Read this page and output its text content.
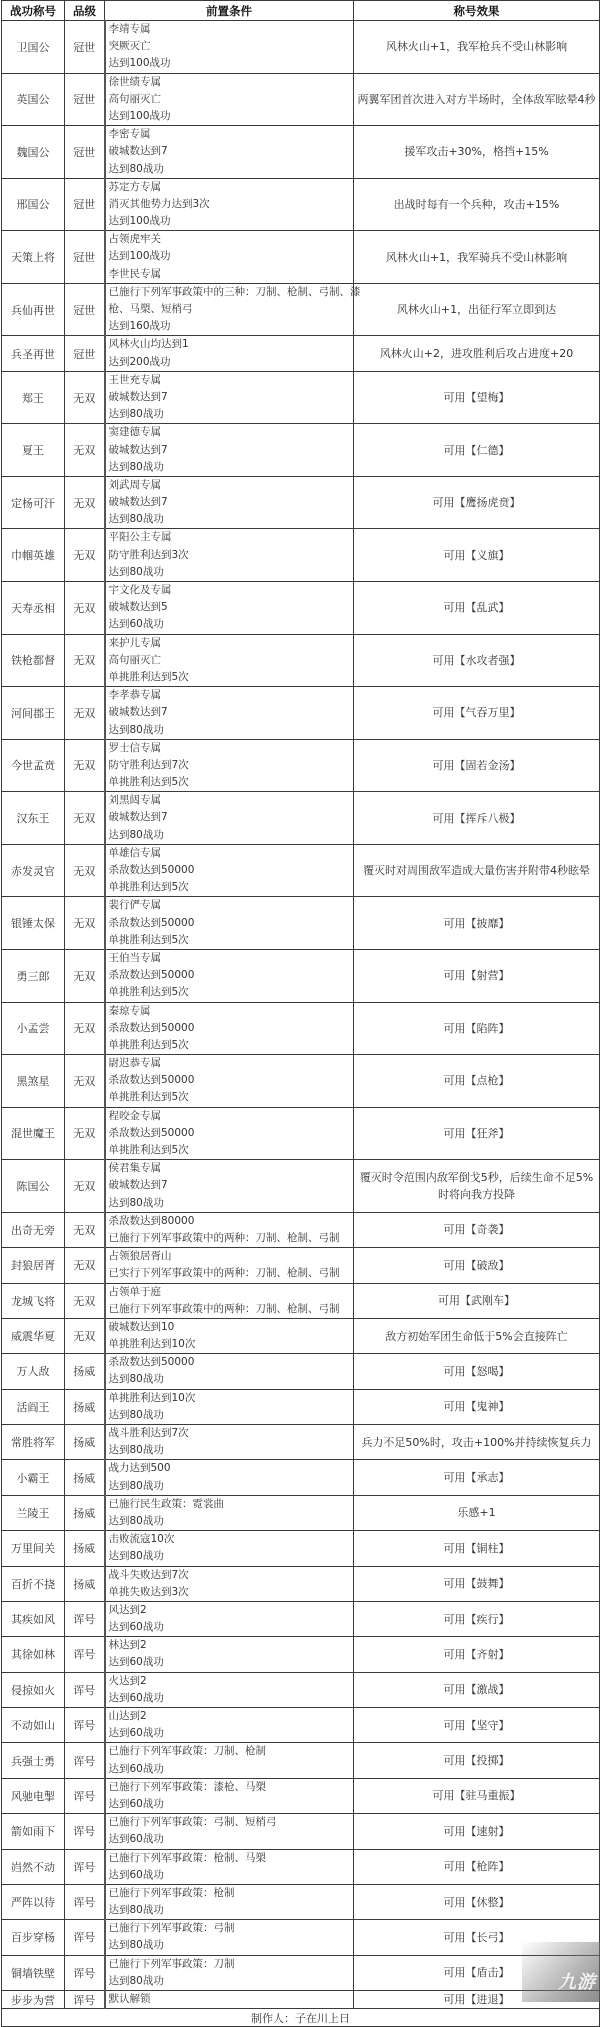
战功称号	品级	前置条件	称号效果
卫国公	冠世	李靖专属
突厥灭亡
达到100战功	风林火山+1，我军枪兵不受山林影响
英国公	冠世	徐世绩专属
高句丽灭亡
达到100战功	两翼军团首次进入对方半场时，全体敌军眩晕4秒
魏国公	冠世	李密专属
破城数达到7
达到80战功	援军攻击+30%，格挡+15%
邢国公	冠世	苏定方专属
消灭其他势力达到3次
达到100战功	出战时每有一个兵种，攻击+15%
天策上将	冠世	占领虎牢关
达到100战功
李世民专属	风林火山+1，我军骑兵不受山林影响
兵仙再世	冠世	已施行下列军事政策中的三种：刀制、枪制、弓制、漆
枪、马槊、短梢弓
达到160战功	风林火山+1，出征行军立即到达
兵圣再世	冠世	风林火山均达到1
达到200战功	风林火山+2，进攻胜利后攻占进度+20
郑王	无双	王世充专属
破城数达到7
达到80战功	可用【望梅】
夏王	无双	窦建德专属
破城数达到7
达到80战功	可用【仁德】
定杨可汗	无双	刘武周专属
破城数达到7
达到80战功	可用【鹰扬虎贲】
巾帼英雄	无双	平阳公主专属
防守胜利达到3次
达到80战功	可用【义旗】
天寿丞相	无双	宇文化及专属
破城数达到5
达到60战功	可用【乱武】
铁枪都督	无双	来护儿专属
高句丽灭亡
单挑胜利达到5次	可用【水攻者强】
河间郡王	无双	李孝恭专属
破城数达到7
达到80战功	可用【气吞万里】
今世孟贲	无双	罗士信专属
防守胜利达到7次
单挑胜利达到5次	可用【固若金汤】
汉东王	无双	刘黑闼专属
破城数达到7
达到80战功	可用【挥斥八极】
赤发灵官	无双	单雄信专属
杀敌数达到50000
单挑胜利达到5次	覆灭时对周围敌军造成大量伤害并附带4秒眩晕
银锤太保	无双	裴行俨专属
杀敌数达到50000
单挑胜利达到5次	可用【披靡】
勇三郎	无双	王伯当专属
杀敌数达到50000
单挑胜利达到5次	可用【射营】
小孟尝	无双	秦琼专属
杀敌数达到50000
单挑胜利达到5次	可用【陷阵】
黑煞星	无双	尉迟恭专属
杀敌数达到50000
单挑胜利达到5次	可用【点枪】
混世魔王	无双	程咬金专属
杀敌数达到50000
单挑胜利达到5次	可用【狂斧】
陈国公	无双	侯君集专属
破城数达到7
达到80战功	覆灭时令范围内敌军倒戈5秒，后续生命不足5%时将向我方投降
出奇无旁	无双	杀敌数达到80000
已施行下列军事政策中的两种：刀制、枪制、弓制	可用【奇袭】
封狼居胥	无双	占领狼居胥山
已实行下列军事政策中的两种：刀制、枪制、弓制	可用【破敌】
龙城飞将	无双	占领单于庭
已施行下列军事政策中的两种：刀制、枪制、弓制	可用【武刚车】
威震华夏	无双	破城数达到10
单挑胜利达到10次	敌方初始军团生命低于5%会直接阵亡
万人敌	扬威	杀敌数达到50000
达到80战功	可用【怒喝】
活阎王	扬威	单挑胜利达到10次
达到80战功	可用【鬼神】
常胜将军	扬威	战斗胜利达到7次
达到80战功	兵力不足50%时，攻击+100%并持续恢复兵力
小霸王	扬威	战力达到500
达到80战功	可用【承志】
兰陵王	扬威	已施行民生政策：霓裳曲
达到80战功	乐感+1
万里间关	扬威	击败流寇10次
达到80战功	可用【铜柱】
百折不挠	扬威	战斗失败达到7次
单挑失败达到3次	可用【鼓舞】
其疾如风	诨号	风达到2
达到60战功	可用【疾行】
其徐如林	诨号	林达到2
达到60战功	可用【齐射】
侵掠如火	诨号	火达到2
达到60战功	可用【激战】
不动如山	诨号	山达到2
达到60战功	可用【坚守】
兵强士勇	诨号	已施行下列军事政策：刀制、枪制
达到60战功	可用【投掷】
风驰电掣	诨号	已施行下列军事政策：漆枪、马槊
达到60战功	可用【驻马重振】
箭如雨下	诨号	已施行下列军事政策：弓制、短梢弓
达到60战功	可用【速射】
岿然不动	诨号	已施行下列军事政策：枪制、马槊
达到60战功	可用【枪阵】
严阵以待	诨号	已施行下列军事政策：枪制
达到80战功	可用【休整】
百步穿杨	诨号	已施行下列军事政策：弓制
达到80战功	可用【长弓】
铜墙铁壁	诨号	已施行下列军事政策：刀制
达到80战功	可用【盾击】
步步为营	诨号	默认解锁	可用【进退】
制作人：子在川上日			
九游
